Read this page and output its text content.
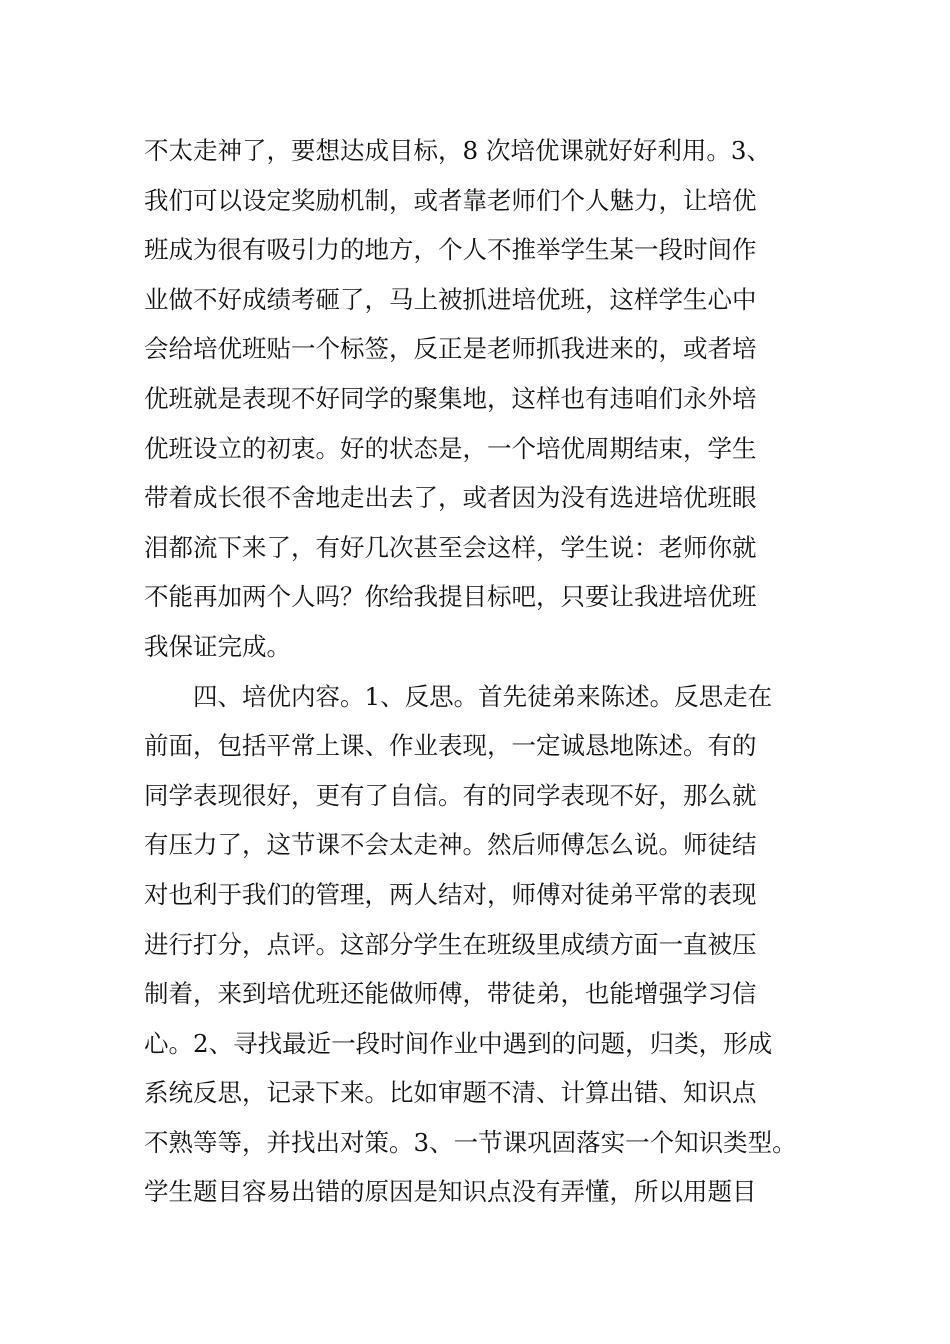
不太走神了，要想达成目标，8 次培优课就好好利用。3、
我们可以设定奖励机制，或者靠老师们个人魅力，让培优
班成为很有吸引力的地方，个人不推举学生某一段时间作
业做不好成绩考砸了，马上被抓进培优班，这样学生心中
会给培优班贴一个标签，反正是老师抓我进来的，或者培
优班就是表现不好同学的聚集地，这样也有违咱们永外培
优班设立的初衷。好的状态是，一个培优周期结束，学生
带着成长很不舍地走出去了，或者因为没有选进培优班眼
泪都流下来了，有好几次甚至会这样，学生说：老师你就
不能再加两个人吗？你给我提目标吧，只要让我进培优班
我保证完成。
四、培优内容。1、反思。首先徒弟来陈述。反思走在
前面，包括平常上课、作业表现，一定诚恳地陈述。有的
同学表现很好，更有了自信。有的同学表现不好，那么就
有压力了，这节课不会太走神。然后师傅怎么说。师徒结
对也利于我们的管理，两人结对，师傅对徒弟平常的表现
进行打分，点评。这部分学生在班级里成绩方面一直被压
制着，来到培优班还能做师傅，带徒弟，也能增强学习信
心。2、寻找最近一段时间作业中遇到的问题，归类，形成
系统反思，记录下来。比如审题不清、计算出错、知识点
不熟等等，并找出对策。3、一节课巩固落实一个知识类型。
学生题目容易出错的原因是知识点没有弄懂，所以用题目
